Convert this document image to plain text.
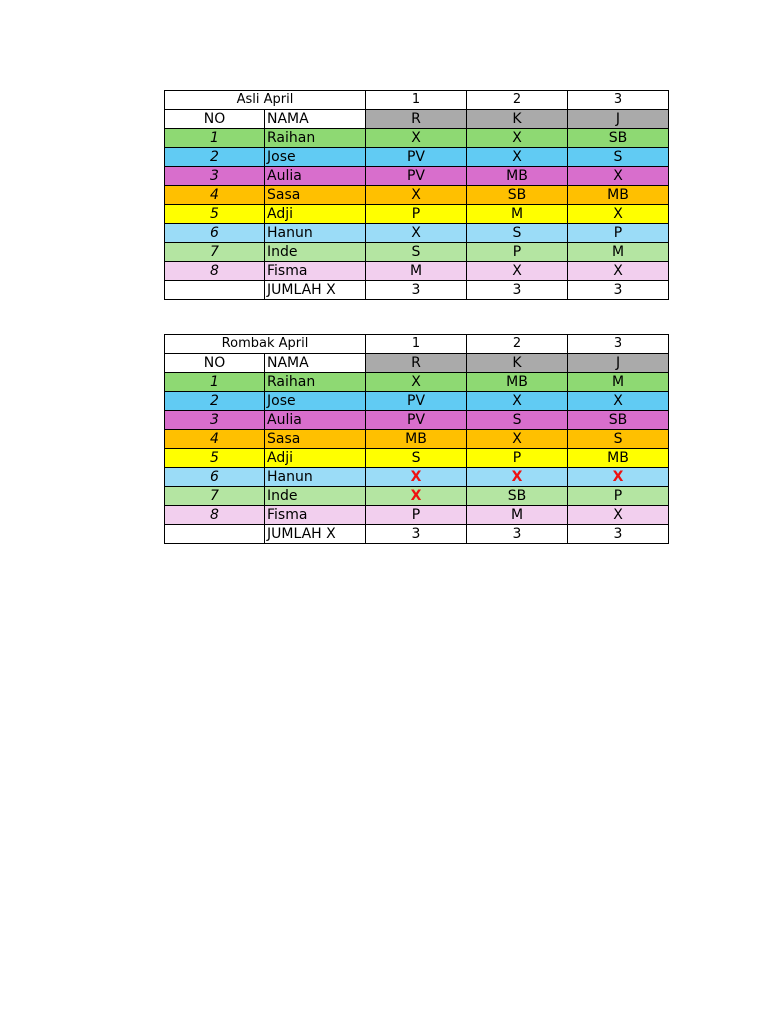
Asli April		1	2	3
NO	NAMA	R	K	J
1	Raihan	X	X	SB
2	Jose	PV	X	S
3	Aulia	PV	MB	X
4	Sasa	X	SB	MB
5	Adji	P	M	X
6	Hanun	X	S	P
7	Inde	S	P	M
8	Fisma	M	X	X
	JUMLAH X	3	3	3
Rombak April		1	2	3
NO	NAMA	R	K	J
1	Raihan	X	MB	M
2	Jose	PV	X	X
3	Aulia	PV	S	SB
4	Sasa	MB	X	S
5	Adji	S	P	MB
6	Hanun	X	X	X
7	Inde	X	SB	P
8	Fisma	P	M	X
	JUMLAH X	3	3	3
